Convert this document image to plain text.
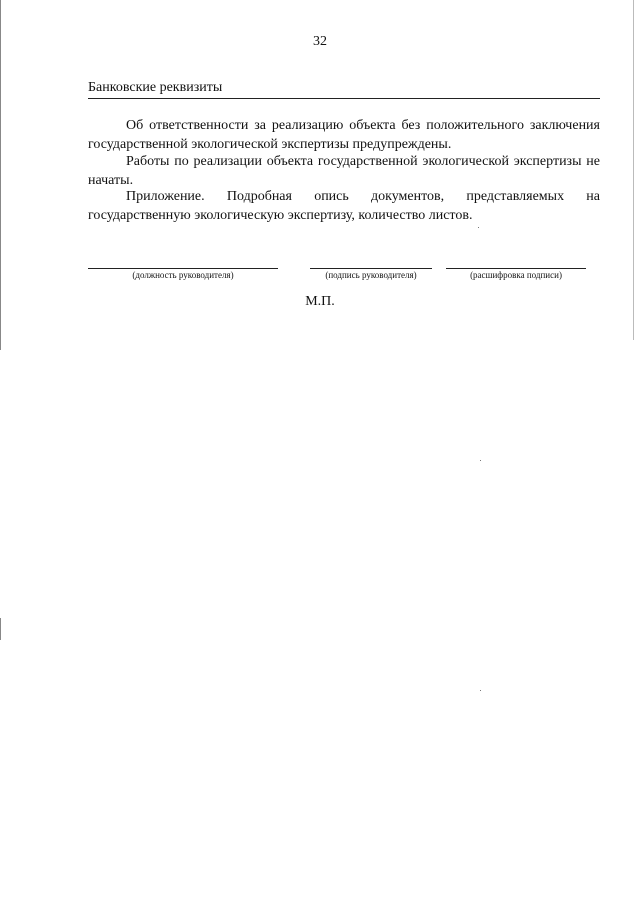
32
Банковские реквизиты
Об ответственности за реализацию объекта без положительного заключения государственной экологической экспертизы предупреждены.
Работы по реализации объекта государственной экологической экспертизы не начаты.
Приложение. Подробная опись документов, представляемых на государственную экологическую экспертизу, количество листов.
(должность руководителя)	(подпись руководителя)	(расшифровка подписи)
М.П.
